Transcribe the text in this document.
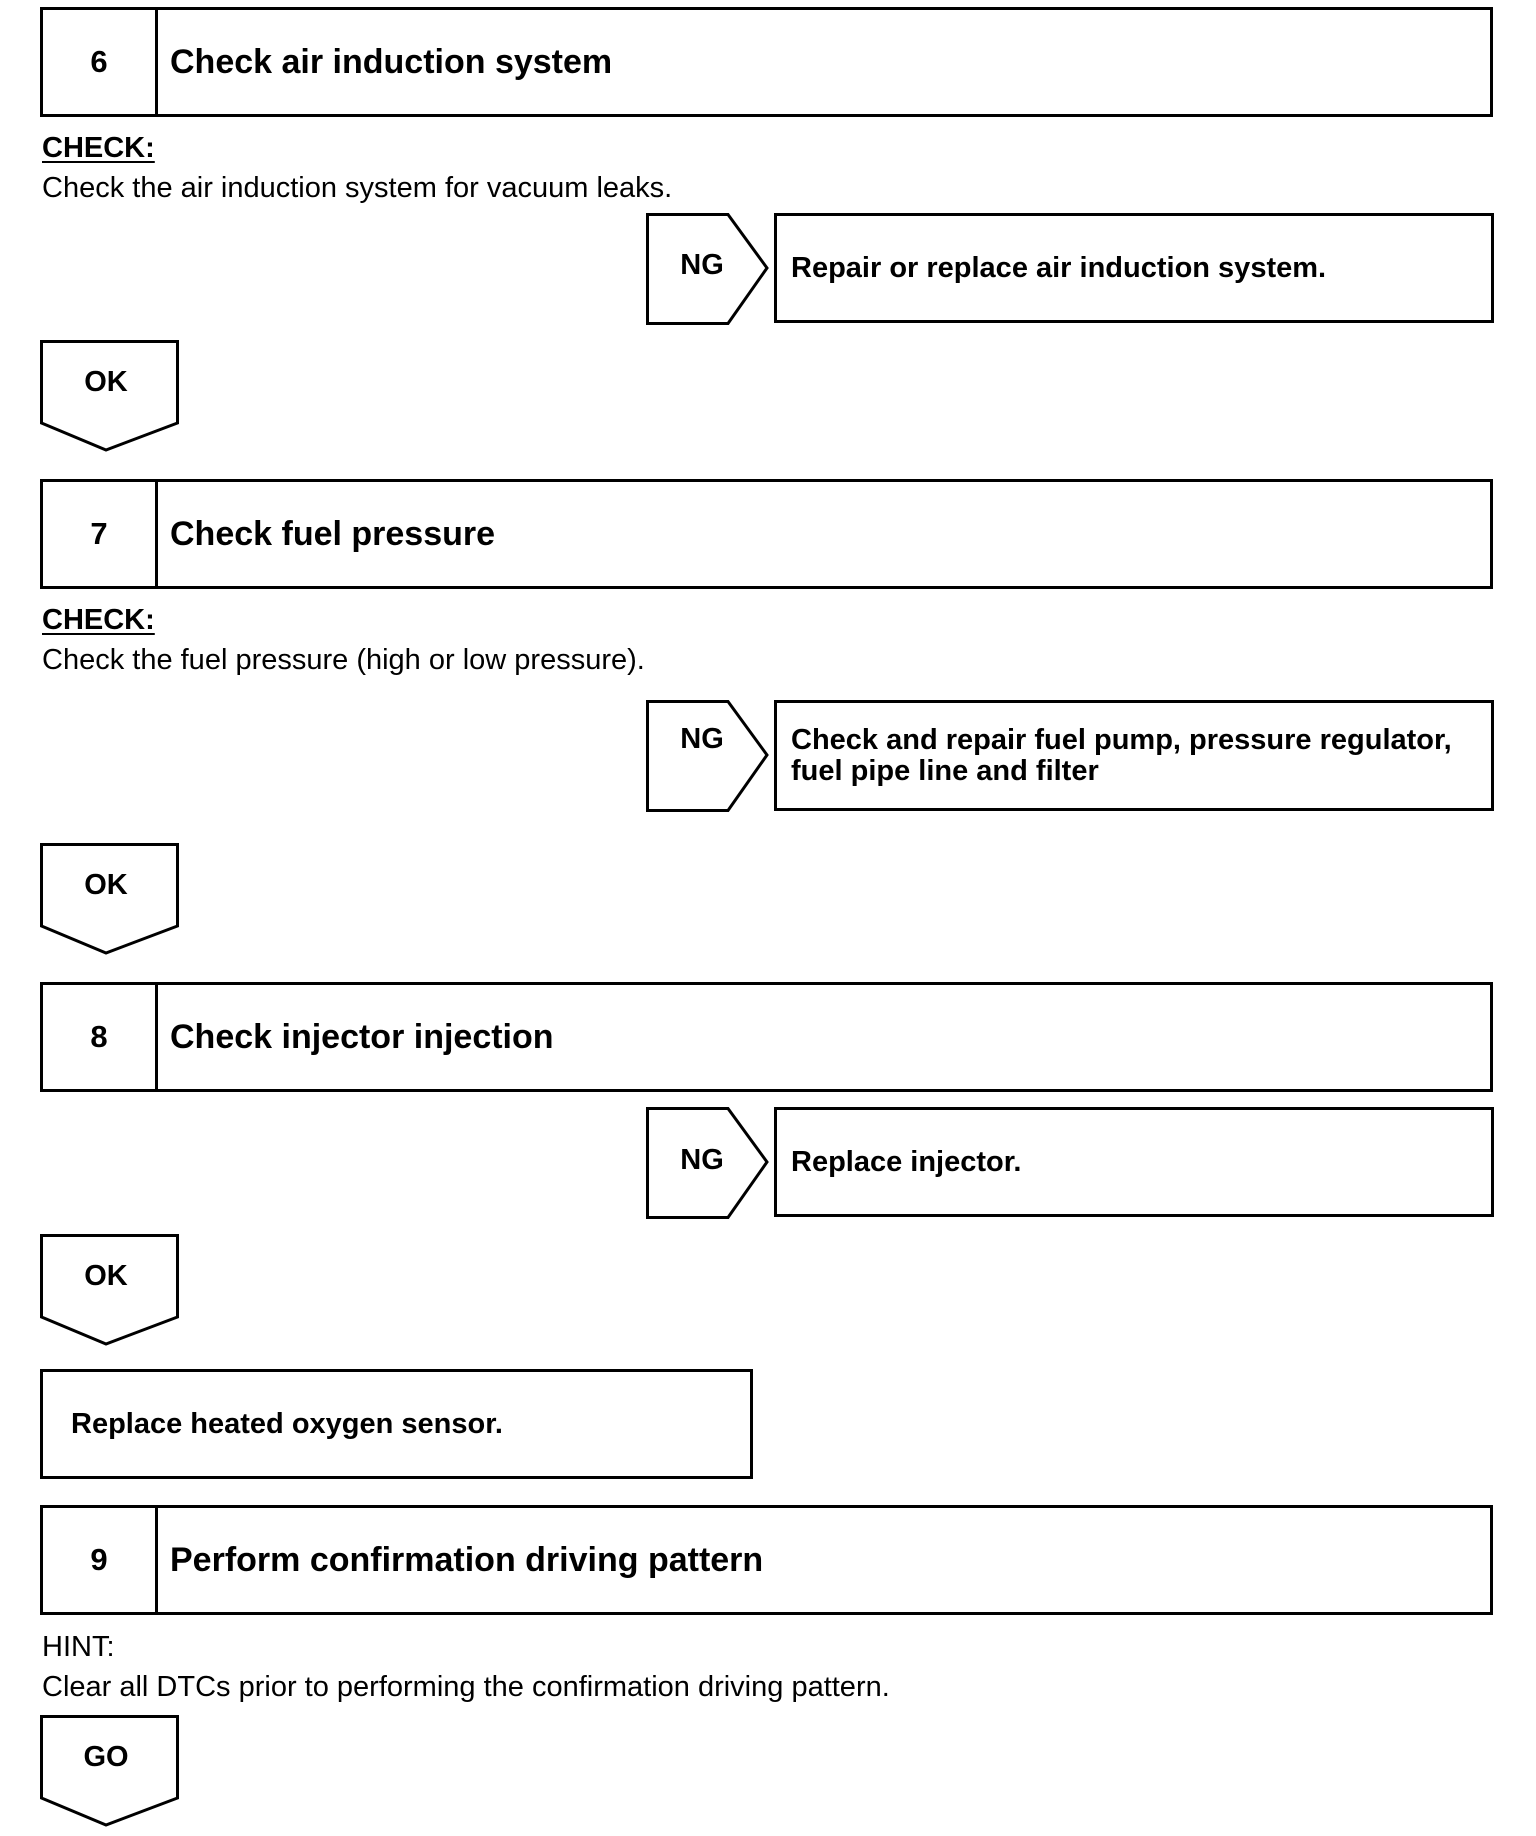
6	Check air induction system
CHECK:
Check the air induction system for vacuum leaks.
NG	Repair or replace air induction system.
OK
7	Check fuel pressure
CHECK:
Check the fuel pressure (high or low pressure).
NG	Check and repair fuel pump, pressure regulator,
fuel pipe line and filter
OK
8	Check injector injection
NG	Replace injector.
OK
Replace heated oxygen sensor.
9	Perform confirmation driving pattern
HINT:
Clear all DTCs prior to performing the confirmation driving pattern.
GO
